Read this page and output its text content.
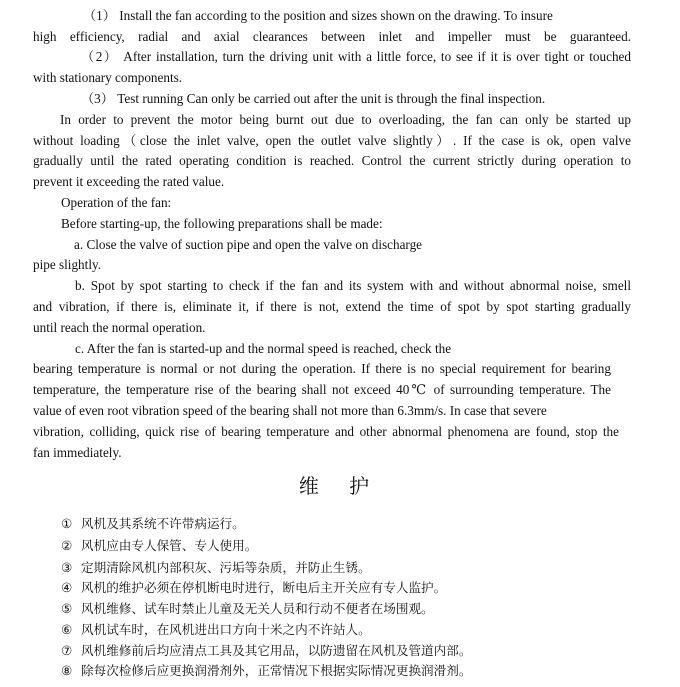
（1） Install the fan according to the position and sizes shown on the drawing. To insure
high efficiency, radial and axial clearances between inlet and impeller must be guaranteed.
（2） After installation, turn the driving unit with a little force, to see if it is over tight or touched
with stationary components.
（3） Test running Can only be carried out after the unit is through the final inspection.
In order to prevent the motor being burnt out due to overloading, the fan can only be started up
without loading（close the inlet valve, open the outlet valve slightly）. If the case is ok, open valve
gradually until the rated operating condition is reached. Control the current strictly during operation to
prevent it exceeding the rated value.
Operation of the fan:
Before starting-up, the following preparations shall be made:
a. Close the valve of suction pipe and open the valve on discharge
pipe slightly.
b. Spot by spot starting to check if the fan and its system with and without abnormal noise, smell
and vibration, if there is, eliminate it, if there is not, extend the time of spot by spot starting gradually
until reach the normal operation.
c. After the fan is started-up and the normal speed is reached, check the
bearing temperature is normal or not during the operation. If there is no special requirement for bearing
temperature, the temperature rise of the bearing shall not exceed 40℃ of surrounding temperature. The
value of even root vibration speed of the bearing shall not more than 6.3mm/s. In case that severe
vibration, colliding, quick rise of bearing temperature and other abnormal phenomena are found, stop the
fan immediately.
维 护
① 风机及其系统不许带病运行。
② 风机应由专人保管、专人使用。
③ 定期清除风机内部积灰、污垢等杂质，并防止生锈。
④ 风机的维护必须在停机断电时进行，断电后主开关应有专人监护。
⑤ 风机维修、试车时禁止儿童及无关人员和行动不便者在场围观。
⑥ 风机试车时，在风机进出口方向十米之内不许站人。
⑦ 风机维修前后均应清点工具及其它用品，以防遗留在风机及管道内部。
⑧ 除每次检修后应更换润滑剂外，正常情况下根据实际情况更换润滑剂。
